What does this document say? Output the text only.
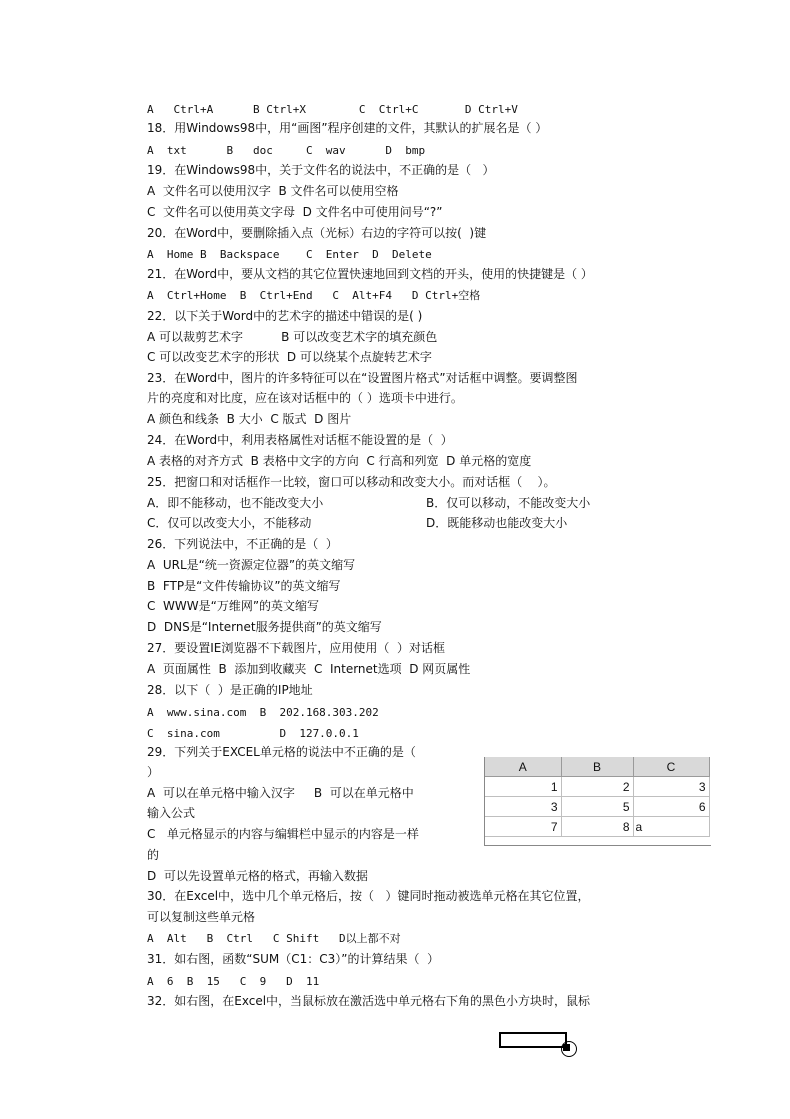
A   Ctrl+A      B Ctrl+X        C  Ctrl+C       D Ctrl+V
18．用Windows98中，用“画图”程序创建的文件，其默认的扩展名是（ ）
A  txt      B   doc     C  wav      D  bmp
19．在Windows98中，关于文件名的说法中，不正确的是（   ）
A  文件名可以使用汉字  B 文件名可以使用空格
C  文件名可以使用英文字母  D 文件名中可使用问号“?”
20．在Word中，要删除插入点（光标）右边的字符可以按(  )键
A  Home B  Backspace    C  Enter  D  Delete
21．在Word中，要从文档的其它位置快速地回到文档的开头，使用的快捷键是（ ）
A  Ctrl+Home  B  Ctrl+End   C  Alt+F4   D Ctrl+空格
22．以下关于Word中的艺术字的描述中错误的是( )
A 可以裁剪艺术字          B 可以改变艺术字的填充颜色
C 可以改变艺术字的形状  D 可以绕某个点旋转艺术字
23．在Word中，图片的许多特征可以在“设置图片格式”对话框中调整。要调整图
片的亮度和对比度，应在该对话框中的（ ）选项卡中进行。
A 颜色和线条  B 大小  C 版式  D 图片
24．在Word中，利用表格属性对话框不能设置的是（  ）
A 表格的对齐方式  B 表格中文字的方向  C 行高和列宽  D 单元格的宽度
25．把窗口和对话框作一比较，窗口可以移动和改变大小。而对话框（    ）。
A．即不能移动，也不能改变大小	B．仅可以移动，不能改变大小
C．仅可以改变大小，不能移动	D．既能移动也能改变大小
26．下列说法中，不正确的是（  ）
A  URL是“统一资源定位器”的英文缩写
B  FTP是“文件传输协议”的英文缩写
C  WWW是“万维网”的英文缩写
D  DNS是“Internet服务提供商”的英文缩写
27．要设置IE浏览器不下载图片，应用使用（  ）对话框
A  页面属性  B  添加到收藏夹  C  Internet选项  D 网页属性
28．以下（  ）是正确的IP地址
A  www.sina.com  B  202.168.303.202
C  sina.com         D  127.0.0.1
29．下列关于EXCEL单元格的说法中不正确的是（
）
A  可以在单元格中输入汉字     B  可以在单元格中
输入公式
C   单元格显示的内容与编辑栏中显示的内容是一样
的
D  可以先设置单元格的格式，再输入数据
30．在Excel中，选中几个单元格后，按（   ）键同时拖动被选单元格在其它位置，
可以复制这些单元格
A  Alt   B  Ctrl   C Shift   D以上都不对
31．如右图，函数“SUM（C1：C3）”的计算结果（  ）
A  6  B  15   C  9   D  11
32．如右图，在Excel中，当鼠标放在激活选中单元格右下角的黑色小方块时，鼠标
A	B	C
1	2	3
3	5	6
7	8	a
